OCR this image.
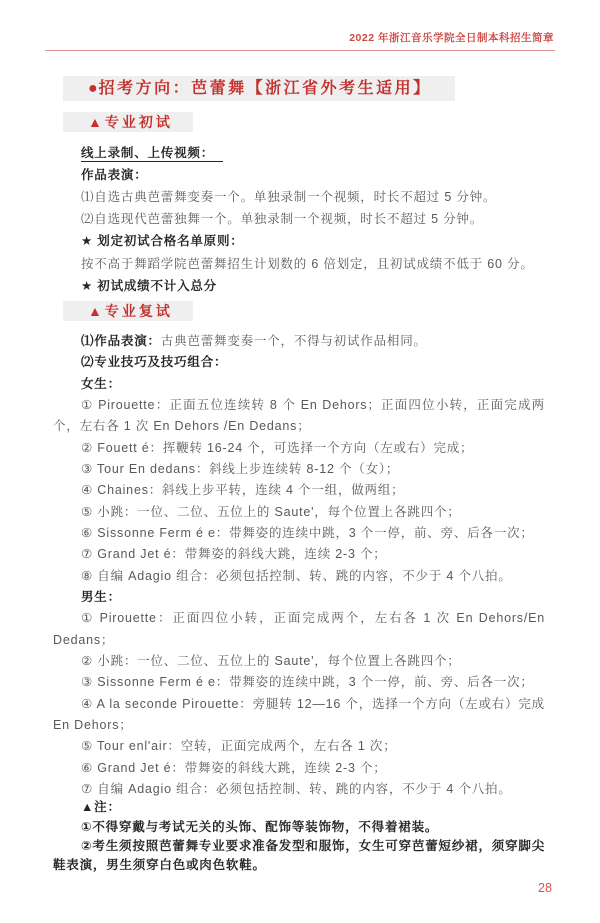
2022 年浙江音乐学院全日制本科招生简章
●招考方向：芭蕾舞【浙江省外考生适用】
▲专业初试

线上录制、上传视频：

作品表演：

⑴自选古典芭蕾舞变奏一个。单独录制一个视频，时长不超过 5 分钟。

⑵自选现代芭蕾独舞一个。单独录制一个视频，时长不超过 5 分钟。

★ 划定初试合格名单原则：

按不高于舞蹈学院芭蕾舞招生计划数的 6 倍划定，且初试成绩不低于 60 分。

★ 初试成绩不计入总分

▲专业复试

⑴作品表演：古典芭蕾舞变奏一个，不得与初试作品相同。

⑵专业技巧及技巧组合：

女生：

① Pirouette：正面五位连续转 8 个 En Dehors；正面四位小转，正面完成两个，左右各 1 次 En Dehors /En Dedans；

② Fouett é：挥鞭转 16-24 个，可选择一个方向（左或右）完成；

③ Tour En dedans：斜线上步连续转 8-12 个（女）；

④ Chaines：斜线上步平转，连续 4 个一组，做两组；

⑤ 小跳：一位、二位、五位上的 Saute'，每个位置上各跳四个；

⑥ Sissonne Ferm é e：带舞姿的连续中跳，3 个一停，前、旁、后各一次；

⑦ Grand Jet é：带舞姿的斜线大跳，连续 2-3 个；

⑧ 自编 Adagio 组合：必须包括控制、转、跳的内容，不少于 4 个八拍。

男生：

① Pirouette：正面四位小转，正面完成两个，左右各 1 次 En Dehors/En Dedans；

② 小跳：一位、二位、五位上的 Saute'，每个位置上各跳四个；

③ Sissonne Ferm é e：带舞姿的连续中跳，3 个一停，前、旁、后各一次；

④ A la seconde Pirouette：旁腿转 12—16 个，选择一个方向（左或右）完成 En Dehors；

⑤ Tour enl'air：空转，正面完成两个，左右各 1 次；

⑥ Grand Jet é：带舞姿的斜线大跳，连续 2-3 个；

⑦ 自编 Adagio 组合：必须包括控制、转、跳的内容，不少于 4 个八拍。

▲注：

①不得穿戴与考试无关的头饰、配饰等装饰物，不得着裙装。

②考生须按照芭蕾舞专业要求准备发型和服饰，女生可穿芭蕾短纱裙，须穿脚尖鞋表演，男生须穿白色或肉色软鞋。

28
